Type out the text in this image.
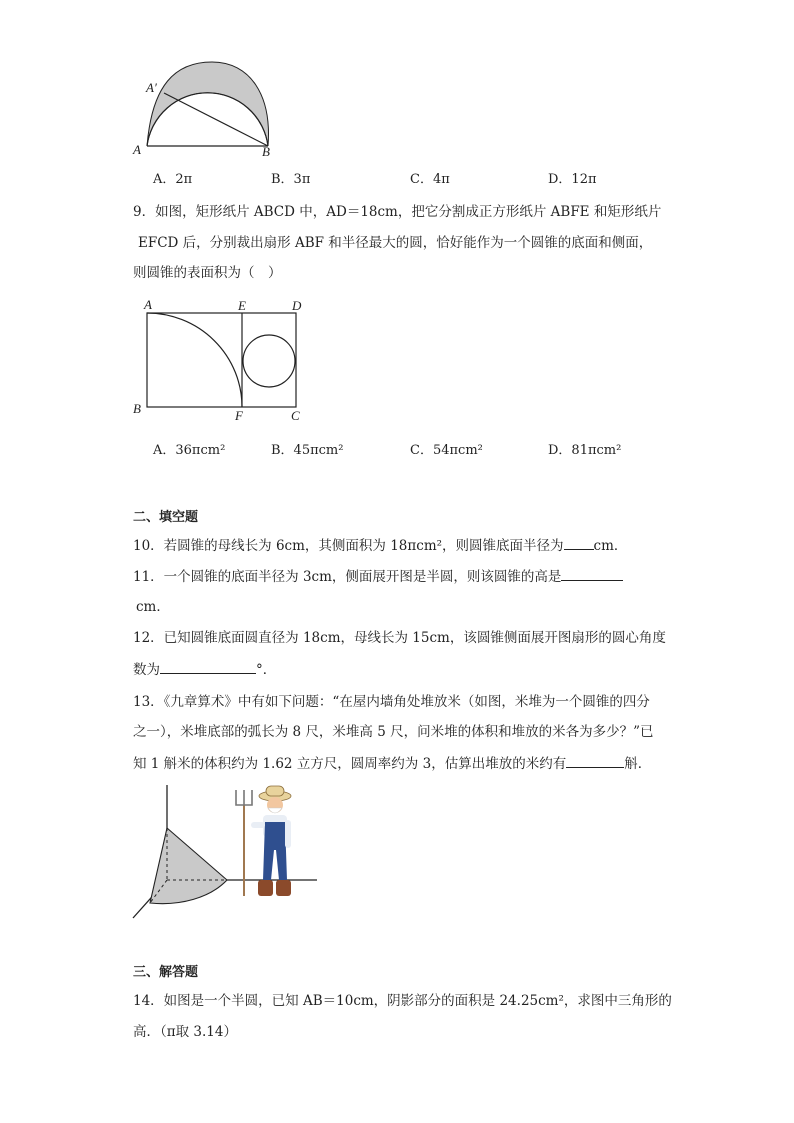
A′
A	B
A．2π	B．3π	C．4π	D．12π
9．如图，矩形纸片 ABCD 中，AD＝18cm，把它分割成正方形纸片 ABFE 和矩形纸片
EFCD 后，分别裁出扇形 ABF 和半径最大的圆，恰好能作为一个圆锥的底面和侧面，
则圆锥的表面积为（　）
A	E	D
B	F	C
A．36πcm²	B．45πcm²	C．54πcm²	D．81πcm²
二、填空题
10．若圆锥的母线长为 6cm，其侧面积为 18πcm²，则圆锥底面半径为 cm．
11．一个圆锥的底面半径为 3cm，侧面展开图是半圆，则该圆锥的高是
cm．
12．已知圆锥底面圆直径为 18cm，母线长为 15cm，该圆锥侧面展开图扇形的圆心角度
数为	°．
13．《九章算术》中有如下问题：“在屋内墙角处堆放米（如图，米堆为一个圆锥的四分
之一），米堆底部的弧长为 8 尺，米堆高 5 尺，问米堆的体积和堆放的米各为多少？”已
知 1 斛米的体积约为 1.62 立方尺，圆周率约为 3，估算出堆放的米约有	斛．
三、解答题
14．如图是一个半圆，已知 AB＝10cm，阴影部分的面积是 24.25cm²，求图中三角形的
高．（π取 3.14）
